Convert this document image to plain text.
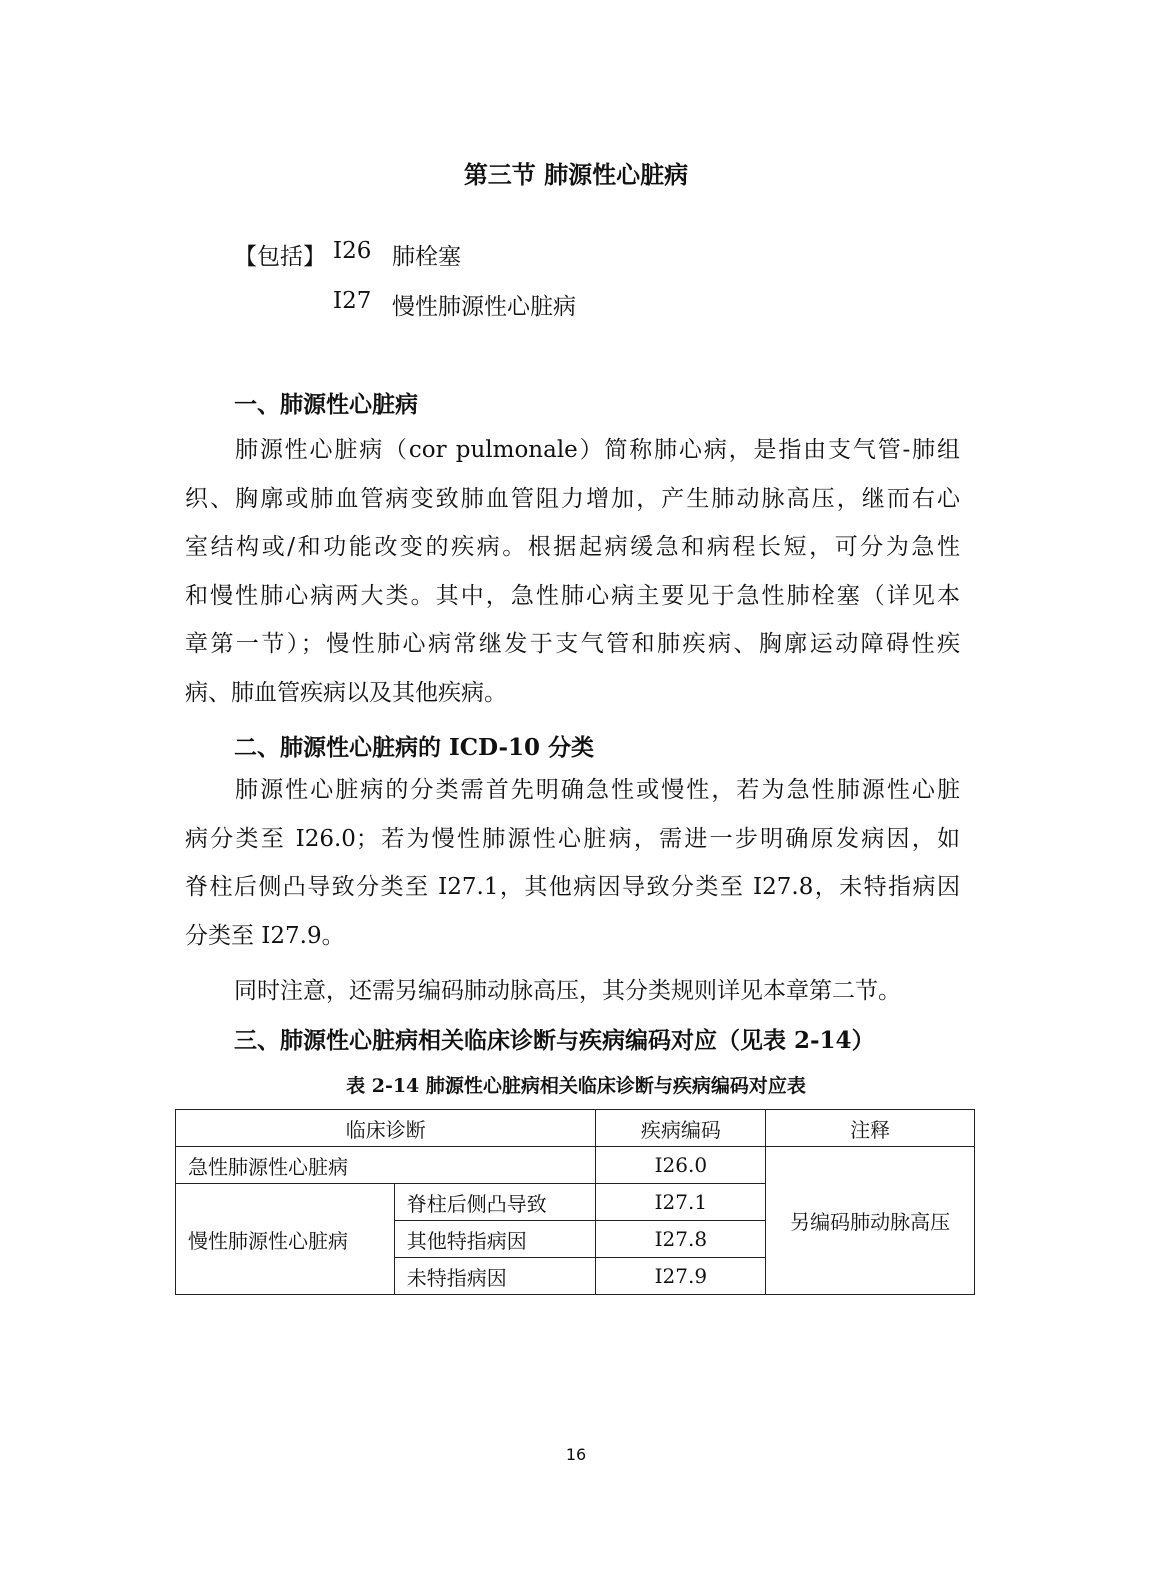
第三节 肺源性心脏病
【包括】 I26 肺栓塞
I27 慢性肺源性心脏病
一、肺源性心脏病
肺源性心脏病（cor pulmonale）简称肺心病，是指由支气管-肺组
织、胸廓或肺血管病变致肺血管阻力增加，产生肺动脉高压，继而右心
室结构或/和功能改变的疾病。根据起病缓急和病程长短，可分为急性
和慢性肺心病两大类。其中，急性肺心病主要见于急性肺栓塞（详见本
章第一节）；慢性肺心病常继发于支气管和肺疾病、胸廓运动障碍性疾
病、肺血管疾病以及其他疾病。
二、肺源性心脏病的 ICD-10 分类
肺源性心脏病的分类需首先明确急性或慢性，若为急性肺源性心脏
病分类至 I26.0；若为慢性肺源性心脏病，需进一步明确原发病因，如
脊柱后侧凸导致分类至 I27.1，其他病因导致分类至 I27.8，未特指病因
分类至 I27.9。
同时注意，还需另编码肺动脉高压，其分类规则详见本章第二节。
三、肺源性心脏病相关临床诊断与疾病编码对应（见表 2-14）
表 2-14 肺源性心脏病相关临床诊断与疾病编码对应表
临床诊断		疾病编码	注释
急性肺源性心脏病		I26.0	另编码肺动脉高压
慢性肺源性心脏病	脊柱后侧凸导致	I27.1	
	其他特指病因	I27.8	
	未特指病因	I27.9	
16
